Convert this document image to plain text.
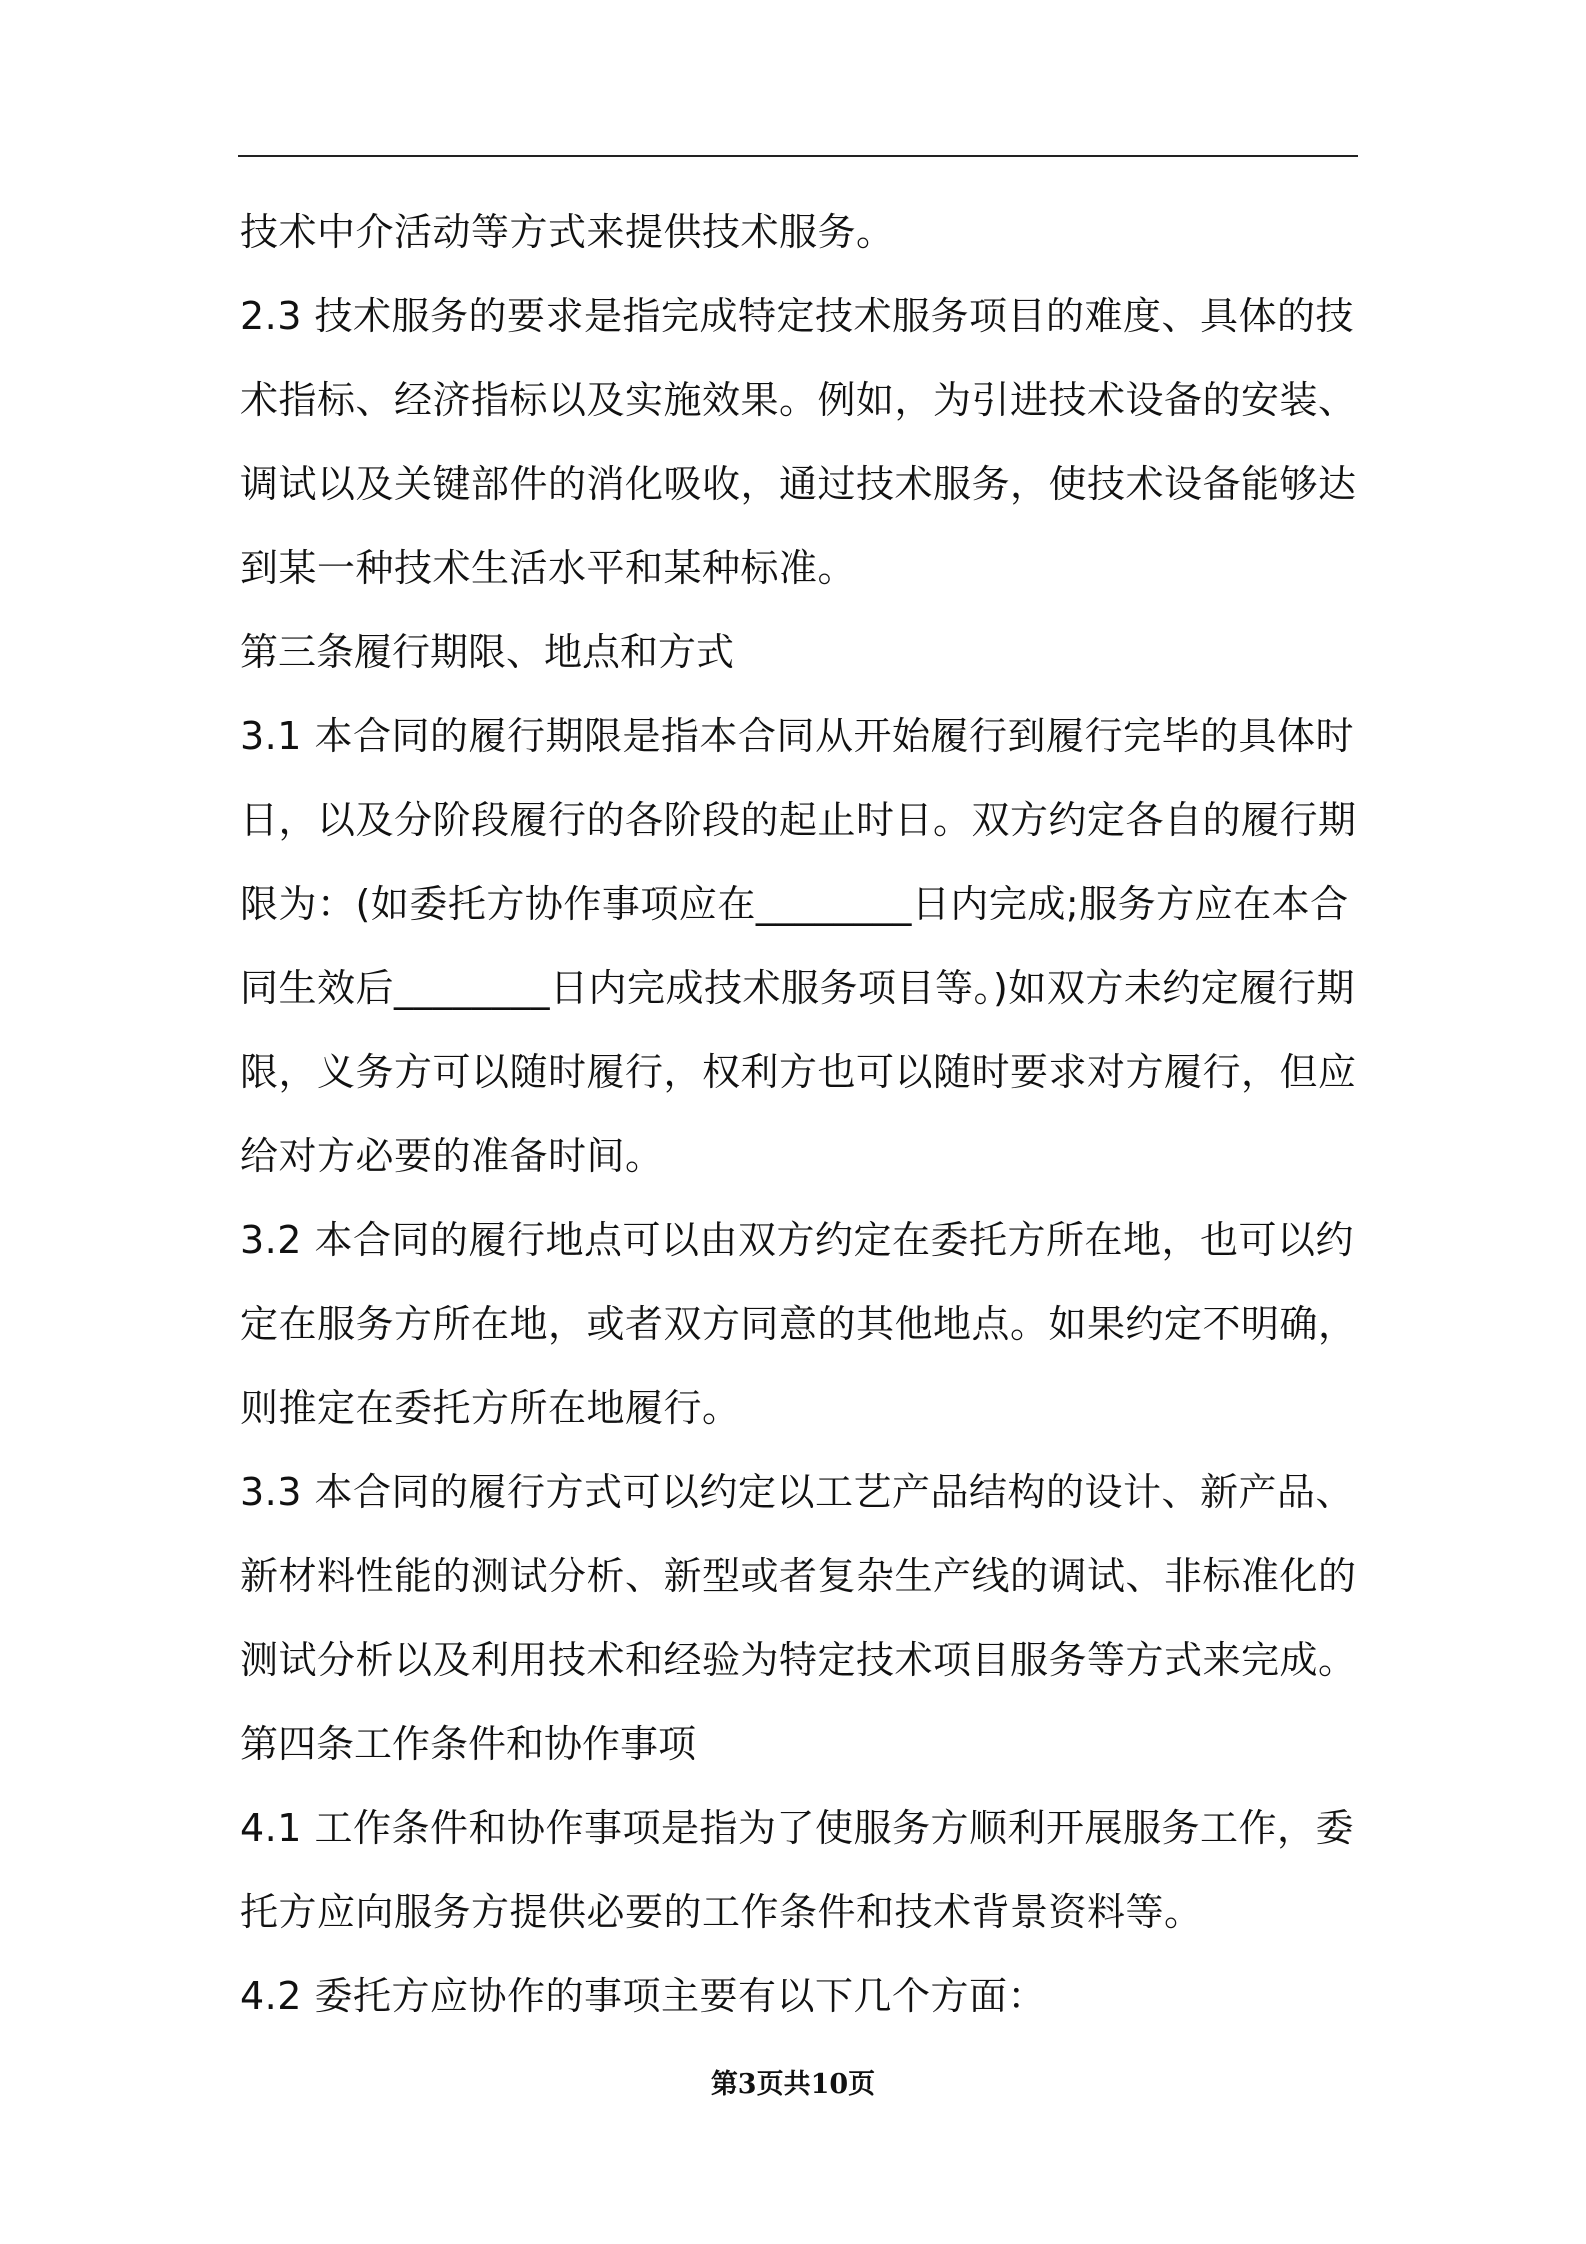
技术中介活动等方式来提供技术服务。

2.3 技术服务的要求是指完成特定技术服务项目的难度、具体的技术指标、经济指标以及实施效果。例如，为引进技术设备的安装、调试以及关键部件的消化吸收，通过技术服务，使技术设备能够达到某一种技术生活水平和某种标准。

第三条履行期限、地点和方式

3.1 本合同的履行期限是指本合同从开始履行到履行完毕的具体时日，以及分阶段履行的各阶段的起止时日。双方约定各自的履行期限为：(如委托方协作事项应在________日内完成;服务方应在本合同生效后________日内完成技术服务项目等。)如双方未约定履行期限，义务方可以随时履行，权利方也可以随时要求对方履行，但应给对方必要的准备时间。

3.2 本合同的履行地点可以由双方约定在委托方所在地，也可以约定在服务方所在地，或者双方同意的其他地点。如果约定不明确，则推定在委托方所在地履行。

3.3 本合同的履行方式可以约定以工艺产品结构的设计、新产品、新材料性能的测试分析、新型或者复杂生产线的调试、非标准化的测试分析以及利用技术和经验为特定技术项目服务等方式来完成。

第四条工作条件和协作事项

4.1 工作条件和协作事项是指为了使服务方顺利开展服务工作，委托方应向服务方提供必要的工作条件和技术背景资料等。

4.2 委托方应协作的事项主要有以下几个方面：

第3页共10页
